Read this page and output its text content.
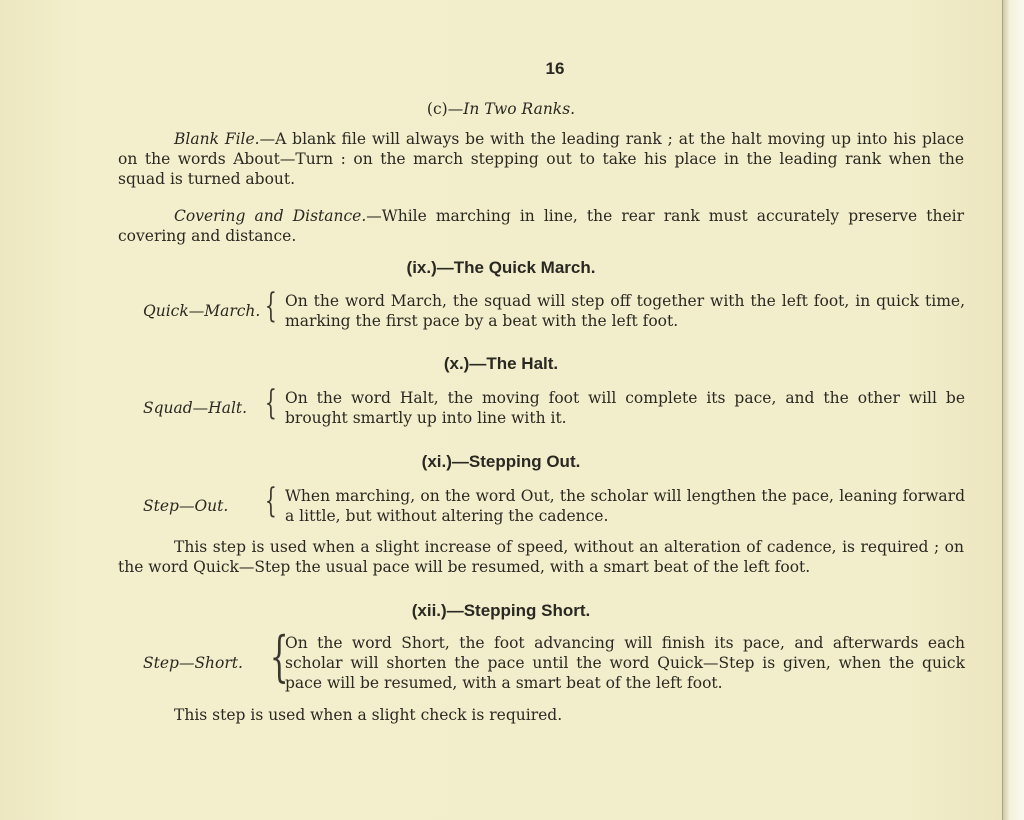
16
(c)—In Two Ranks.
Blank File.—A blank file will always be with the leading rank ; at the halt moving up into his place on the words About—Turn : on the march stepping out to take his place in the leading rank when the squad is turned about.
Covering and Distance.—While marching in line, the rear rank must accurately preserve their covering and distance.
(ix.)—The Quick March.
Quick—March. { On the word March, the squad will step off together with the left foot, in quick time, marking the first pace by a beat with the left foot.
(x.)—The Halt.
Squad—Halt. { On the word Halt, the moving foot will complete its pace, and the other will be brought smartly up into line with it.
(xi.)—Stepping Out.
Step—Out. { When marching, on the word Out, the scholar will lengthen the pace, leaning forward a little, but without altering the cadence.
This step is used when a slight increase of speed, without an alteration of cadence, is required ; on the word Quick—Step the usual pace will be resumed, with a smart beat of the left foot.
(xii.)—Stepping Short.
Step—Short. {
On the word Short, the foot advancing will finish its pace, and afterwards each scholar will shorten the pace until the word Quick—Step is given, when the quick pace will be resumed, with a smart beat of the left foot.
This step is used when a slight check is required.
